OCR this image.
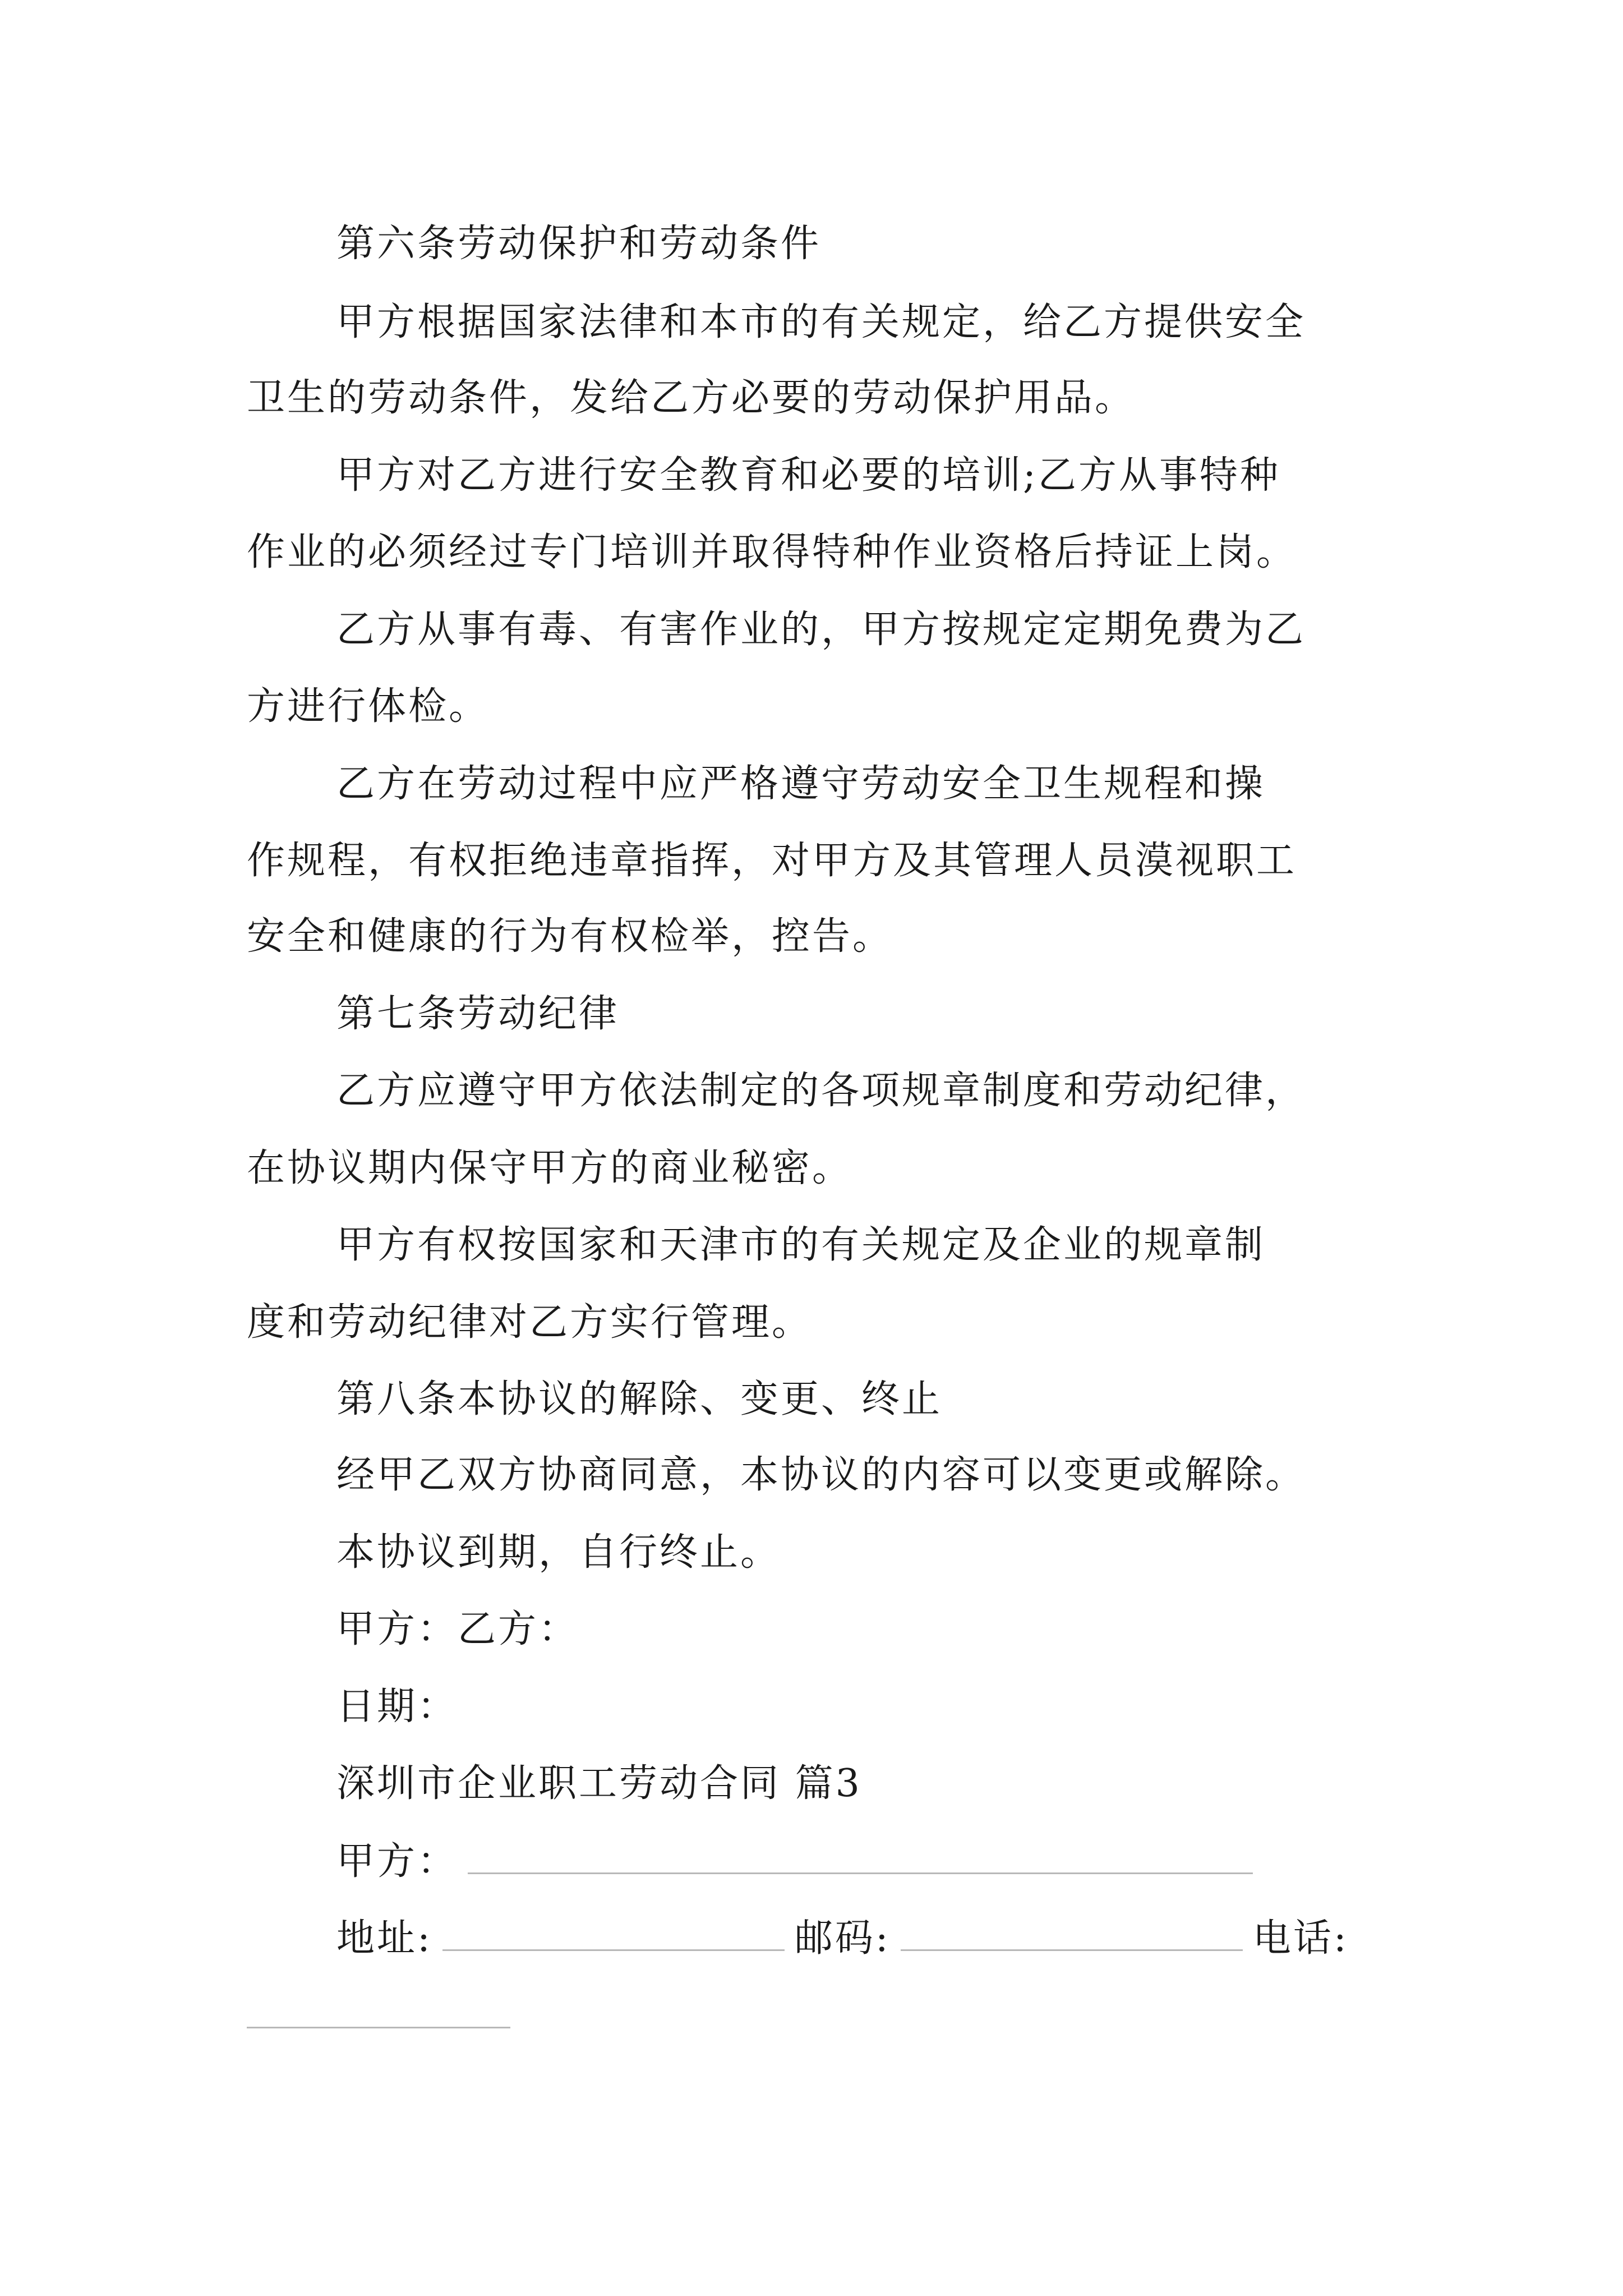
第六条劳动保护和劳动条件
甲方根据国家法律和本市的有关规定，给乙方提供安全
卫生的劳动条件，发给乙方必要的劳动保护用品。
甲方对乙方进行安全教育和必要的培训;乙方从事特种
作业的必须经过专门培训并取得特种作业资格后持证上岗。
乙方从事有毒、有害作业的，甲方按规定定期免费为乙
方进行体检。
乙方在劳动过程中应严格遵守劳动安全卫生规程和操
作规程，有权拒绝违章指挥，对甲方及其管理人员漠视职工
安全和健康的行为有权检举，控告。
第七条劳动纪律
乙方应遵守甲方依法制定的各项规章制度和劳动纪律，
在协议期内保守甲方的商业秘密。
甲方有权按国家和天津市的有关规定及企业的规章制
度和劳动纪律对乙方实行管理。
第八条本协议的解除、变更、终止
经甲乙双方协商同意，本协议的内容可以变更或解除。
本协议到期，自行终止。
甲方：乙方：
日期：
深圳市企业职工劳动合同 篇3
甲方：
地址:	邮码:	电话:
